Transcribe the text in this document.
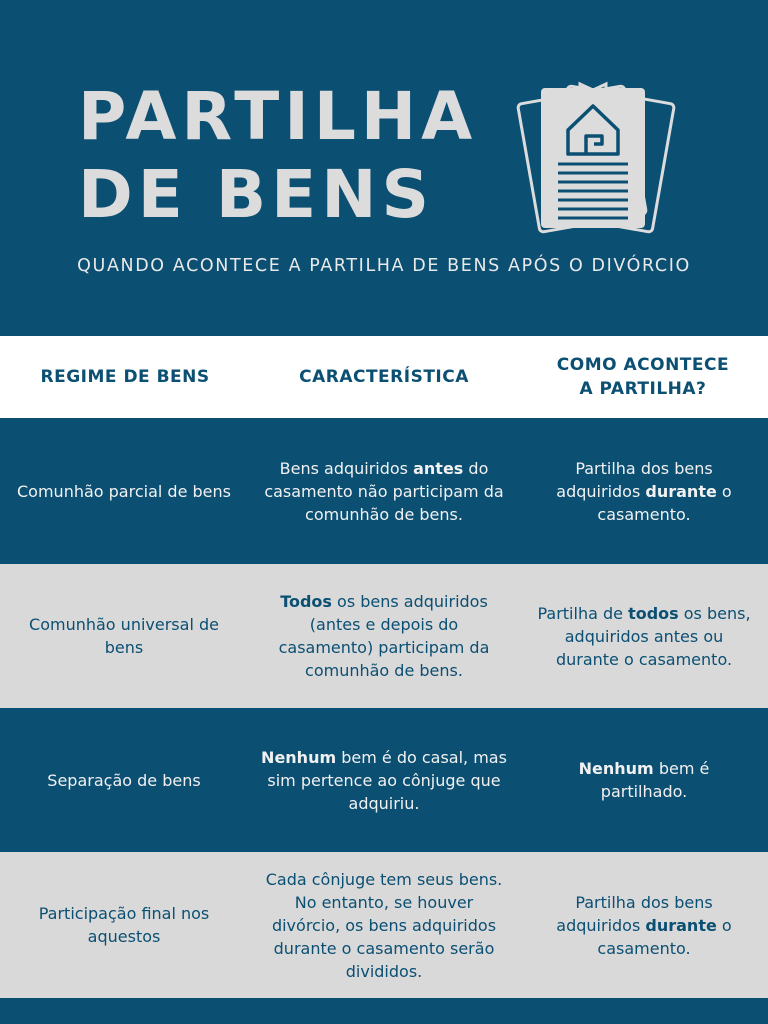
PARTILHA
DE BENS
QUANDO ACONTECE A PARTILHA DE BENS APÓS O DIVÓRCIO
REGIME DE BENS	CARACTERÍSTICA
COMO ACONTECE
A PARTILHA?
Comunhão parcial de bens
Bens adquiridos antes do casamento não participam da comunhão de bens.
Partilha dos bens adquiridos durante o casamento.
Comunhão universal de bens
Todos os bens adquiridos (antes e depois do casamento) participam da comunhão de bens.
Partilha de todos os bens, adquiridos antes ou durante o casamento.
Separação de bens
Nenhum bem é do casal, mas sim pertence ao cônjuge que adquiriu.
Nenhum bem é partilhado.
Participação final nos aquestos
Cada cônjuge tem seus bens. No entanto, se houver divórcio, os bens adquiridos durante o casamento serão divididos.
Partilha dos bens adquiridos durante o casamento.
